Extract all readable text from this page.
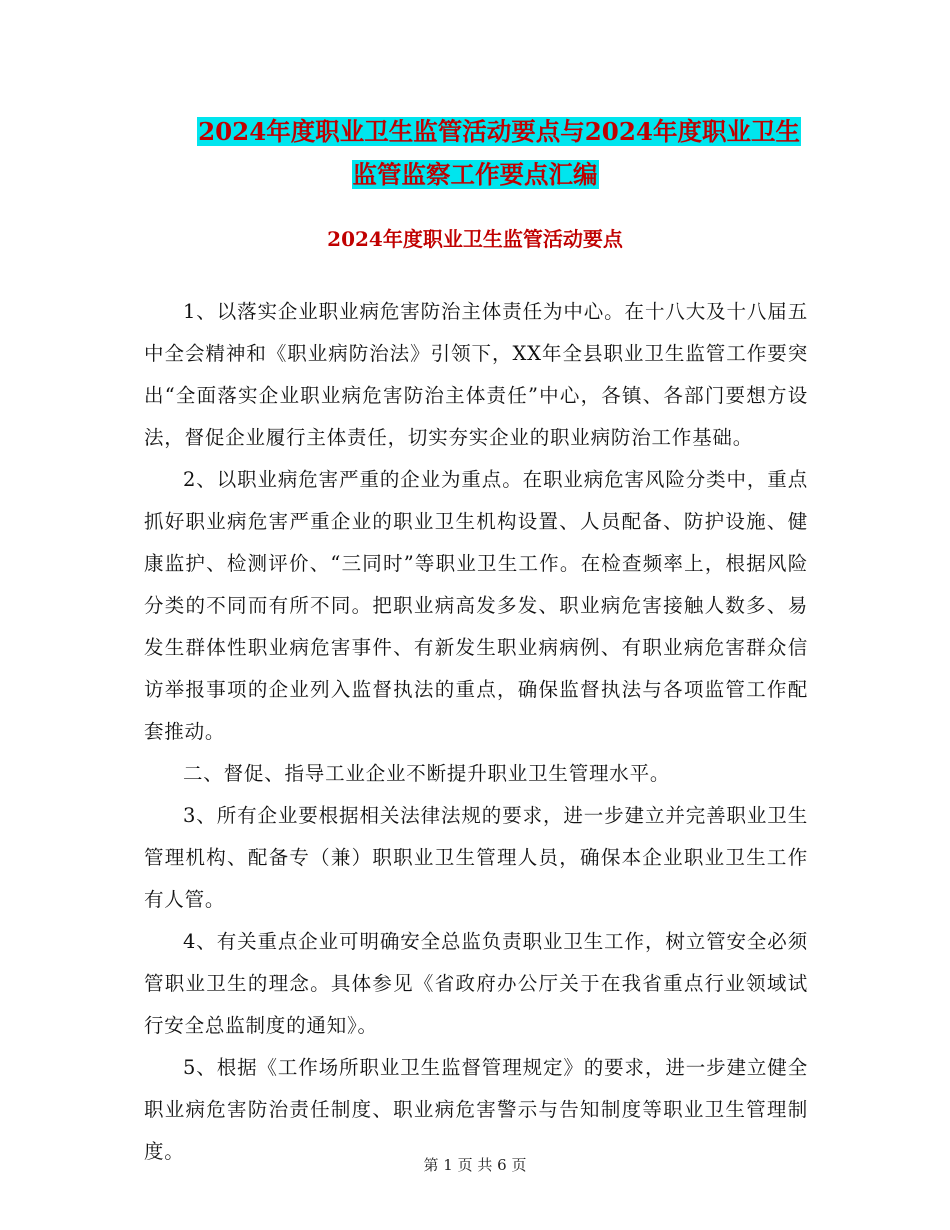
2024年度职业卫生监管活动要点与2024年度职业卫生
监管监察工作要点汇编
2024年度职业卫生监管活动要点

1、以落实企业职业病危害防治主体责任为中心。在十八大及十八届五中全会精神和《职业病防治法》引领下，XX年全县职业卫生监管工作要突出“全面落实企业职业病危害防治主体责任”中心，各镇、各部门要想方设法，督促企业履行主体责任，切实夯实企业的职业病防治工作基础。

2、以职业病危害严重的企业为重点。在职业病危害风险分类中，重点抓好职业病危害严重企业的职业卫生机构设置、人员配备、防护设施、健康监护、检测评价、“三同时”等职业卫生工作。在检查频率上，根据风险分类的不同而有所不同。把职业病高发多发、职业病危害接触人数多、易发生群体性职业病危害事件、有新发生职业病病例、有职业病危害群众信访举报事项的企业列入监督执法的重点，确保监督执法与各项监管工作配套推动。

二、督促、指导工业企业不断提升职业卫生管理水平。

3、所有企业要根据相关法律法规的要求，进一步建立并完善职业卫生管理机构、配备专（兼）职职业卫生管理人员，确保本企业职业卫生工作有人管。

4、有关重点企业可明确安全总监负责职业卫生工作，树立管安全必须管职业卫生的理念。具体参见《省政府办公厅关于在我省重点行业领域试行安全总监制度的通知》。

5、根据《工作场所职业卫生监督管理规定》的要求，进一步建立健全职业病危害防治责任制度、职业病危害警示与告知制度等职业卫生管理制度。

第 1 页 共 6 页
